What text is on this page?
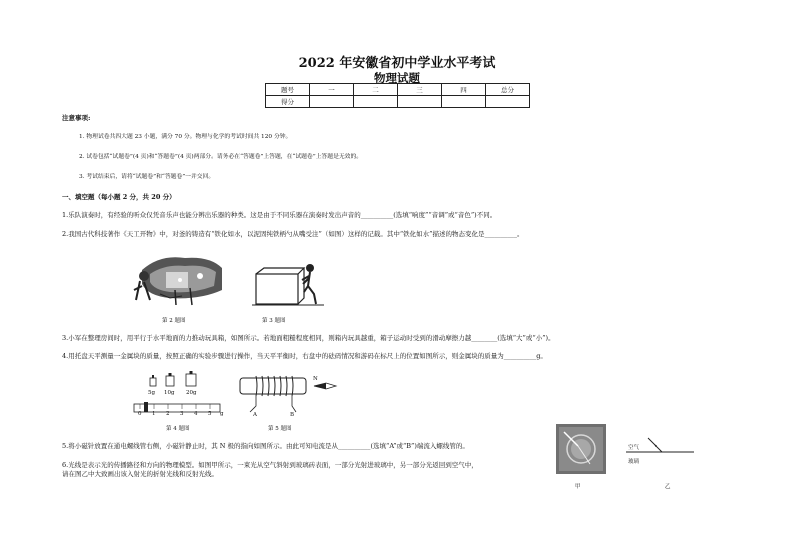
2022 年安徽省初中学业水平考试
物理试题
题号	一	二	三	四	总分
得分					
注意事项:
1. 物理试卷共四大题 23 小题，满分 70 分。物理与化学的考试时间共 120 分钟。
2. 试卷包括“试题卷”(4 页)和“答题卷”(4 页)两部分。请务必在“答题卷”上答题，在“试题卷”上答题是无效的。
3. 考试结束后，请将“试题卷”和“答题卷”一并交回。
一、填空题（每小题 2 分，共 20 分）
1.乐队演奏时，有经验的听众仅凭音乐声也能分辨出乐器的种类。这是由于不同乐器在演奏时发出声音的__________(选填“响度”“音调”或“音色”)不同。
2.我国古代科技著作《天工开物》中，对釜的铸造有“铁化如水，以泥固纯铁柄勺从嘴受注”（如图）这样的记载。其中“铁化如水”描述的物态变化是__________。
第 2 题图	第 3 题图
3.小军在整理房间时，用平行于水平地面的力推动玩具箱，如图所示。若地面粗糙程度相同，则箱内玩具越重，箱子运动时受到的滑动摩擦力越________(选填“大”或“小”)。
4.用托盘天平测量一金属块的质量，按照正确的实验步骤进行操作，当天平平衡时，右盘中的砝码情况和游码在标尺上的位置如图所示，则金属块的质量为__________g。
5g 10g 20g
0 1 2 3 4 5 g
第 4 题图
N
A	B
第 5 题图
5.将小磁针放置在通电螺线管右侧，小磁针静止时，其 N 极的指向如图所示。由此可知电流是从__________(选填“A”或“B”)端流入螺线管的。
6.光线是表示光的传播路径和方向的物理模型。如图甲所示，一束光从空气斜射到玻璃砖表面，一部分光射进玻璃中，另一部分光返回到空气中，
请在图乙中大致画出该入射光的折射光线和反射光线。
甲
空气
玻璃
乙
